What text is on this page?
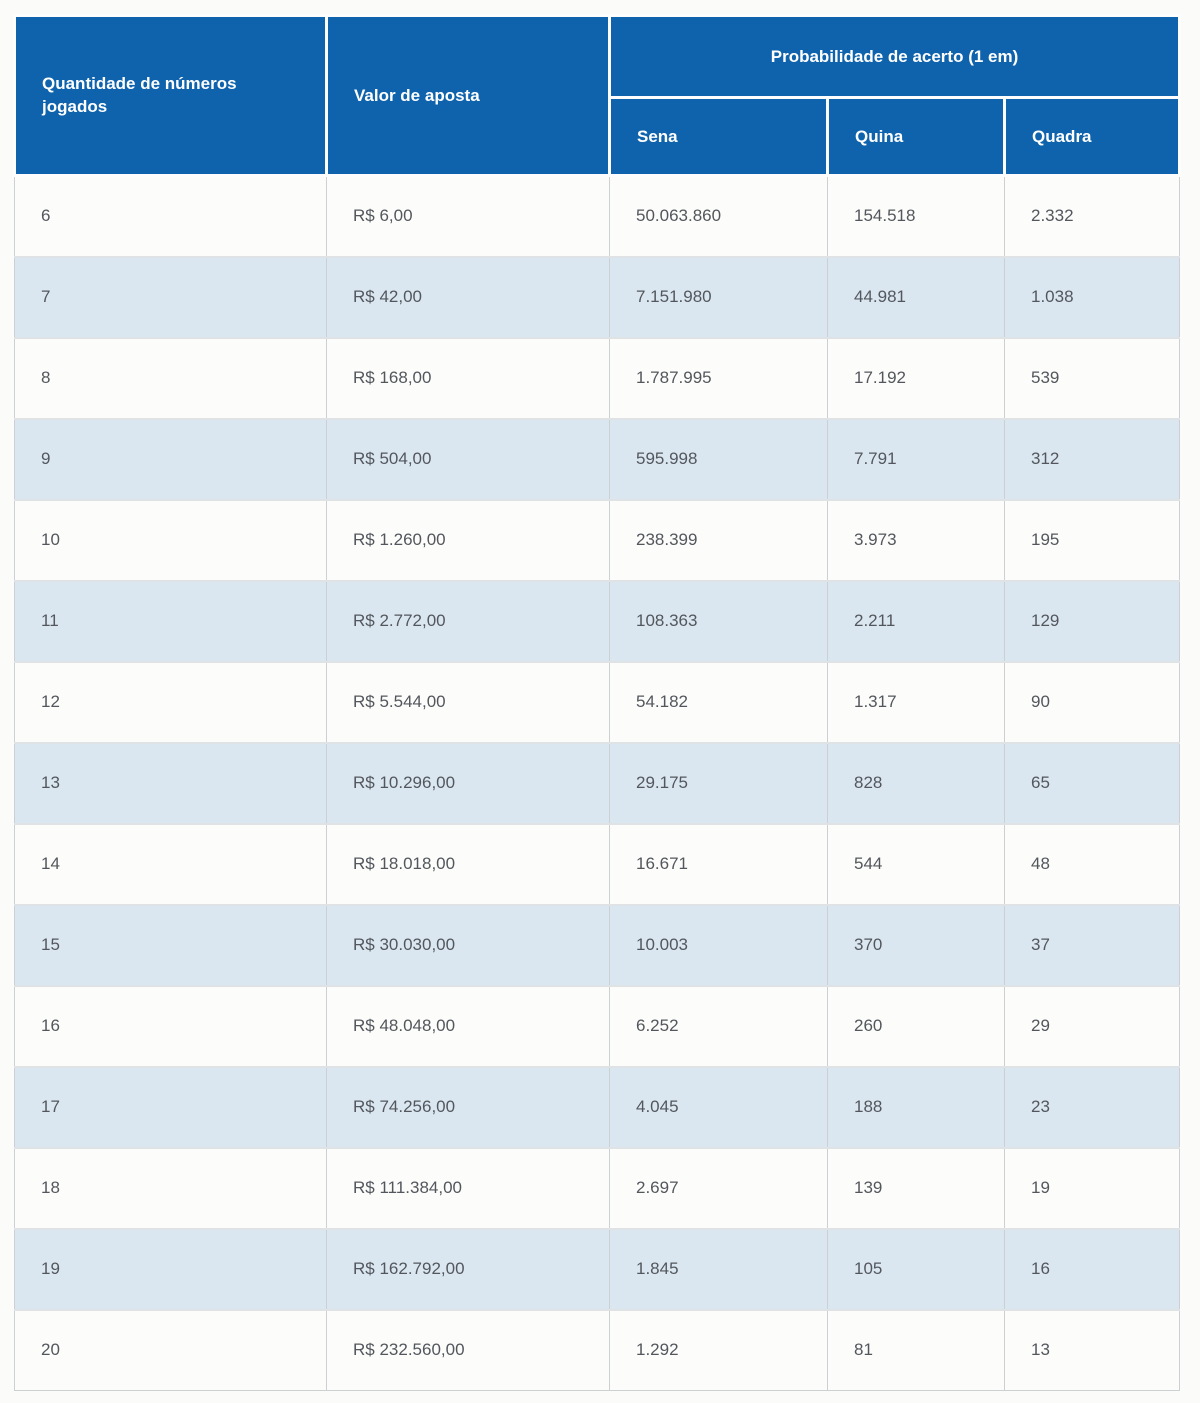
Quantidade de números jogados	Valor de aposta	Probabilidade de acerto (1 em)		
		Sena	Quina	Quadra
6	R$ 6,00	50.063.860	154.518	2.332
7	R$ 42,00	7.151.980	44.981	1.038
8	R$ 168,00	1.787.995	17.192	539
9	R$ 504,00	595.998	7.791	312
10	R$ 1.260,00	238.399	3.973	195
11	R$ 2.772,00	108.363	2.211	129
12	R$ 5.544,00	54.182	1.317	90
13	R$ 10.296,00	29.175	828	65
14	R$ 18.018,00	16.671	544	48
15	R$ 30.030,00	10.003	370	37
16	R$ 48.048,00	6.252	260	29
17	R$ 74.256,00	4.045	188	23
18	R$ 111.384,00	2.697	139	19
19	R$ 162.792,00	1.845	105	16
20	R$ 232.560,00	1.292	81	13
